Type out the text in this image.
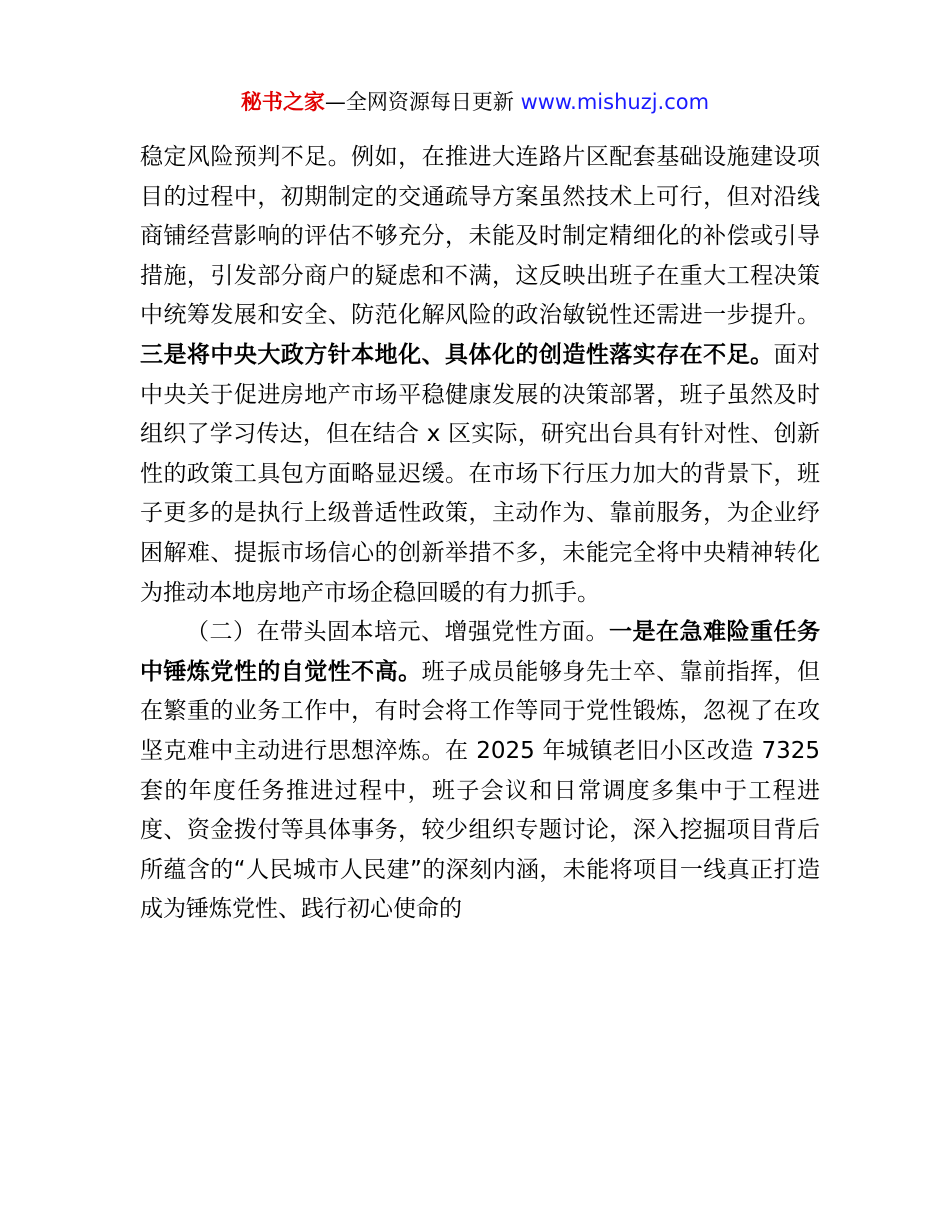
秘书之家—全网资源每日更新 www.mishuzj.com

稳定风险预判不足。例如，在推进大连路片区配套基础设施建设项目的过程中，初期制定的交通疏导方案虽然技术上可行，但对沿线商铺经营影响的评估不够充分，未能及时制定精细化的补偿或引导措施，引发部分商户的疑虑和不满，这反映出班子在重大工程决策中统筹发展和安全、防范化解风险的政治敏锐性还需进一步提升。三是将中央大政方针本地化、具体化的创造性落实存在不足。面对中央关于促进房地产市场平稳健康发展的决策部署，班子虽然及时组织了学习传达，但在结合 x 区实际，研究出台具有针对性、创新性的政策工具包方面略显迟缓。在市场下行压力加大的背景下，班子更多的是执行上级普适性政策，主动作为、靠前服务，为企业纾困解难、提振市场信心的创新举措不多，未能完全将中央精神转化为推动本地房地产市场企稳回暖的有力抓手。

（二）在带头固本培元、增强党性方面。一是在急难险重任务中锤炼党性的自觉性不高。班子成员能够身先士卒、靠前指挥，但在繁重的业务工作中，有时会将工作等同于党性锻炼，忽视了在攻坚克难中主动进行思想淬炼。在 2025 年城镇老旧小区改造 7325 套的年度任务推进过程中，班子会议和日常调度多集中于工程进度、资金拨付等具体事务，较少组织专题讨论，深入挖掘项目背后所蕴含的“人民城市人民建”的深刻内涵，未能将项目一线真正打造成为锤炼党性、践行初心使命的
